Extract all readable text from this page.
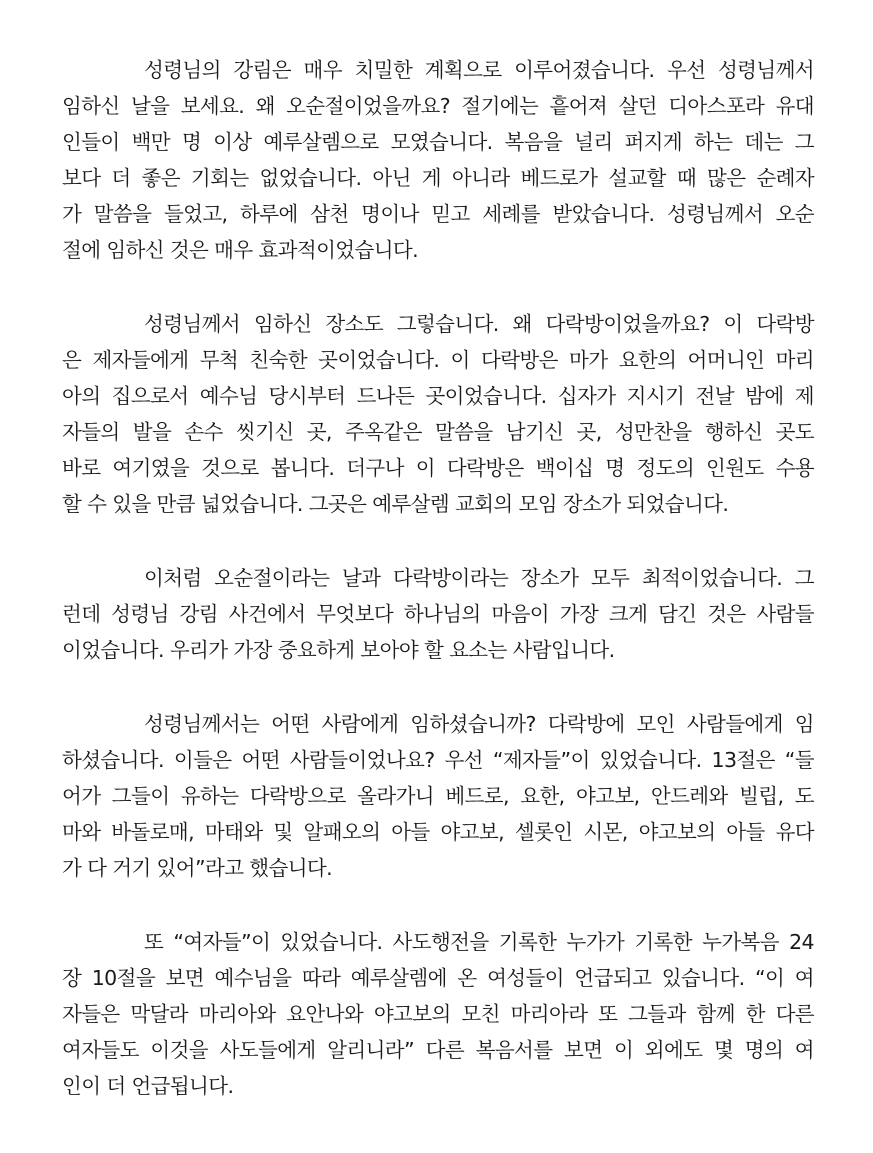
성령님의 강림은 매우 치밀한 계획으로 이루어졌습니다. 우선 성령님께서
임하신 날을 보세요. 왜 오순절이었을까요? 절기에는 흩어져 살던 디아스포라 유대
인들이 백만 명 이상 예루살렘으로 모였습니다. 복음을 널리 퍼지게 하는 데는 그
보다 더 좋은 기회는 없었습니다. 아닌 게 아니라 베드로가 설교할 때 많은 순례자
가 말씀을 들었고, 하루에 삼천 명이나 믿고 세례를 받았습니다. 성령님께서 오순
절에 임하신 것은 매우 효과적이었습니다.

성령님께서 임하신 장소도 그렇습니다. 왜 다락방이었을까요? 이 다락방
은 제자들에게 무척 친숙한 곳이었습니다. 이 다락방은 마가 요한의 어머니인 마리
아의 집으로서 예수님 당시부터 드나든 곳이었습니다. 십자가 지시기 전날 밤에 제
자들의 발을 손수 씻기신 곳, 주옥같은 말씀을 남기신 곳, 성만찬을 행하신 곳도
바로 여기였을 것으로 봅니다. 더구나 이 다락방은 백이십 명 정도의 인원도 수용
할 수 있을 만큼 넓었습니다. 그곳은 예루살렘 교회의 모임 장소가 되었습니다.

이처럼 오순절이라는 날과 다락방이라는 장소가 모두 최적이었습니다. 그
런데 성령님 강림 사건에서 무엇보다 하나님의 마음이 가장 크게 담긴 것은 사람들
이었습니다. 우리가 가장 중요하게 보아야 할 요소는 사람입니다.

성령님께서는 어떤 사람에게 임하셨습니까? 다락방에 모인 사람들에게 임
하셨습니다. 이들은 어떤 사람들이었나요? 우선 “제자들”이 있었습니다. 13절은 “들
어가 그들이 유하는 다락방으로 올라가니 베드로, 요한, 야고보, 안드레와 빌립, 도
마와 바돌로매, 마태와 및 알패오의 아들 야고보, 셀롯인 시몬, 야고보의 아들 유다
가 다 거기 있어”라고 했습니다.

또 “여자들”이 있었습니다. 사도행전을 기록한 누가가 기록한 누가복음 24
장 10절을 보면 예수님을 따라 예루살렘에 온 여성들이 언급되고 있습니다. “이 여
자들은 막달라 마리아와 요안나와 야고보의 모친 마리아라 또 그들과 함께 한 다른
여자들도 이것을 사도들에게 알리니라” 다른 복음서를 보면 이 외에도 몇 명의 여
인이 더 언급됩니다.
